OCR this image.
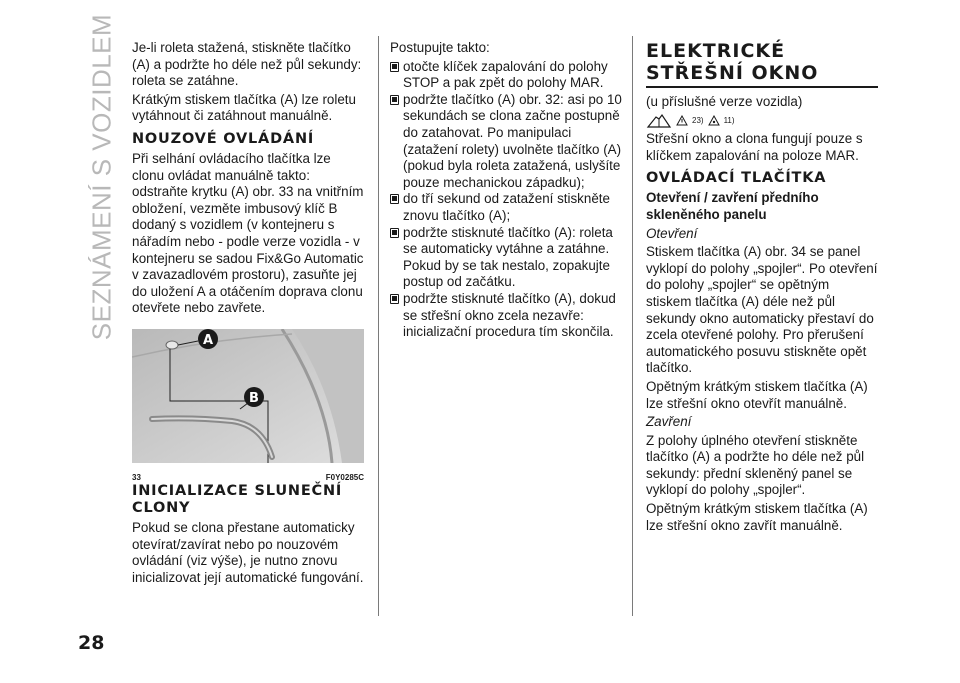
SEZNÁMENÍ S VOZIDLEM Je-li roleta stažená, stiskněte tlačítko (A) a podržte ho déle než půl sekundy: roleta se zatáhne.

Krátkým stiskem tlačítka (A) lze roletu vytáhnout či zatáhnout manuálně.

NOUZOVÉ OVLÁDÁNÍ

Při selhání ovládacího tlačítka lze clonu ovládat manuálně takto: odstraňte krytku (A) obr. 33 na vnitřním obložení, vezměte imbusový klíč B dodaný s vozidlem (v kontejneru s nářadím nebo - podle verze vozidla - v kontejneru se sadou Fix&Go Automatic v zavazadlovém prostoru), zasuňte jej do uložení A a otáčením doprava clonu otevřete nebo zavřete.

A
B
33	F0Y0285C
INICIALIZACE SLUNEČNÍ CLONY

Pokud se clona přestane automaticky otevírat/zavírat nebo po nouzovém ovládání (viz výše), je nutno znovu inicializovat její automatické fungování.

Postupujte takto:

otočte klíček zapalování do polohy STOP a pak zpět do polohy MAR.
podržte tlačítko (A) obr. 32: asi po 10 sekundách se clona začne postupně do zatahovat. Po manipulaci (zatažení rolety) uvolněte tlačítko (A) (pokud byla roleta zatažená, uslyšíte pouze mechanickou západku);
do tří sekund od zatažení stiskněte znovu tlačítko (A);
podržte stisknuté tlačítko (A): roleta se automaticky vytáhne a zatáhne. Pokud by se tak nestalo, zopakujte postup od začátku.
podržte stisknuté tlačítko (A), dokud se střešní okno zcela nezavře: inicializační procedura tím skončila.
ELEKTRICKÉ STŘEŠNÍ OKNO

(u příslušné verze vozidla)

23)	11)

Střešní okno a clona fungují pouze s klíčkem zapalování na poloze MAR.

OVLÁDACÍ TLAČÍTKA

Otevření / zavření předního skleněného panelu

Otevření

Stiskem tlačítka (A) obr. 34 se panel vyklopí do polohy „spojler“. Po otevření do polohy „spojler“ se opětným stiskem tlačítka (A) déle než půl sekundy okno automaticky přestaví do zcela otevřené polohy. Pro přerušení automatického posuvu stiskněte opět tlačítko.

Opětným krátkým stiskem tlačítka (A) lze střešní okno otevřít manuálně.

Zavření

Z polohy úplného otevření stiskněte tlačítko (A) a podržte ho déle než půl sekundy: přední skleněný panel se vyklopí do polohy „spojler“.

Opětným krátkým stiskem tlačítka (A) lze střešní okno zavřít manuálně.

28
